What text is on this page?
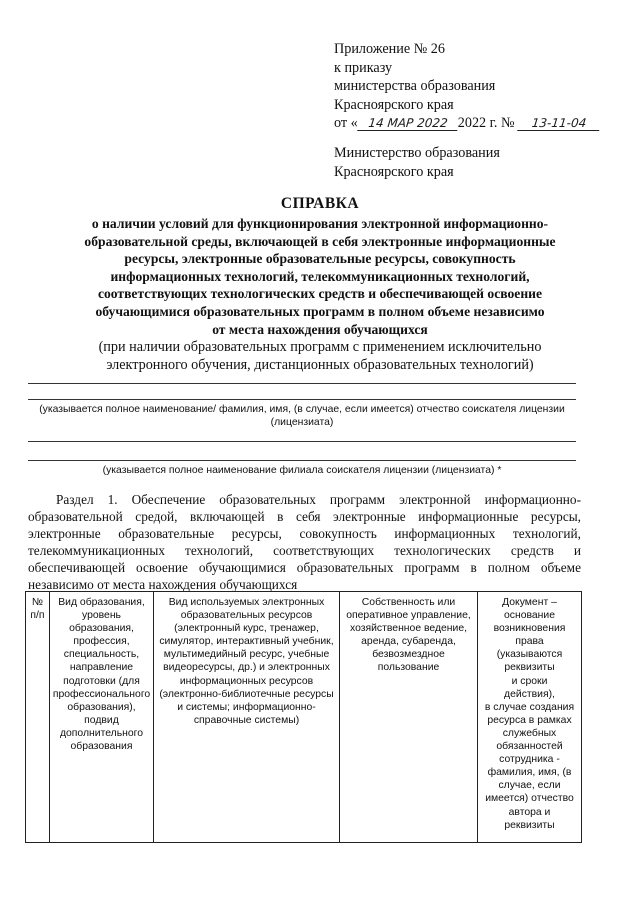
Приложение № 26
к приказу
министерства образования
Красноярского края
от « 14 МАР 2022 2022 г. № 13-11-04
Министерство образования
Красноярского края
СПРАВКА
о наличии условий для функционирования электронной информационно-
образовательной среды, включающей в себя электронные информационные
ресурсы, электронные образовательные ресурсы, совокупность
информационных технологий, телекоммуникационных технологий,
соответствующих технологических средств и обеспечивающей освоение
обучающимися образовательных программ в полном объеме независимо
от места нахождения обучающихся
(при наличии образовательных программ с применением исключительно
электронного обучения, дистанционных образовательных технологий)
(указывается полное наименование/ фамилия, имя, (в случае, если имеется) отчество соискателя лицензии
(лицензиата)
(указывается полное наименование филиала соискателя лицензии (лицензиата) *
Раздел 1. Обеспечение образовательных программ электронной информационно-образовательной средой, включающей в себя электронные информационные ресурсы, электронные образовательные ресурсы, совокупность информационных технологий, телекоммуникационных технологий, соответствующих технологических средств и обеспечивающей освоение обучающимися образовательных программ в полном объеме независимо от места нахождения обучающихся
№
п/п

Вид образования,
уровень образования,
профессия,
специальность,
направление
подготовки (для
профессионального
образования), подвид
дополнительного
образования

Вид используемых электронных
образовательных ресурсов
(электронный курс, тренажер,
симулятор, интерактивный учебник,
мультимедийный ресурс, учебные
видеоресурсы, др.) и электронных
информационных ресурсов
(электронно-библиотечные ресурсы
и системы; информационно-
справочные системы)

Собственность или
оперативное управление,
хозяйственное ведение,
аренда, субаренда,
безвозмездное
пользование

Документ –
основание
возникновения
права
(указываются
реквизиты
и сроки
действия),
в случае создания
ресурса в рамках
служебных
обязанностей
сотрудника -
фамилия, имя, (в
случае, если
имеется) отчество
автора и
реквизиты
